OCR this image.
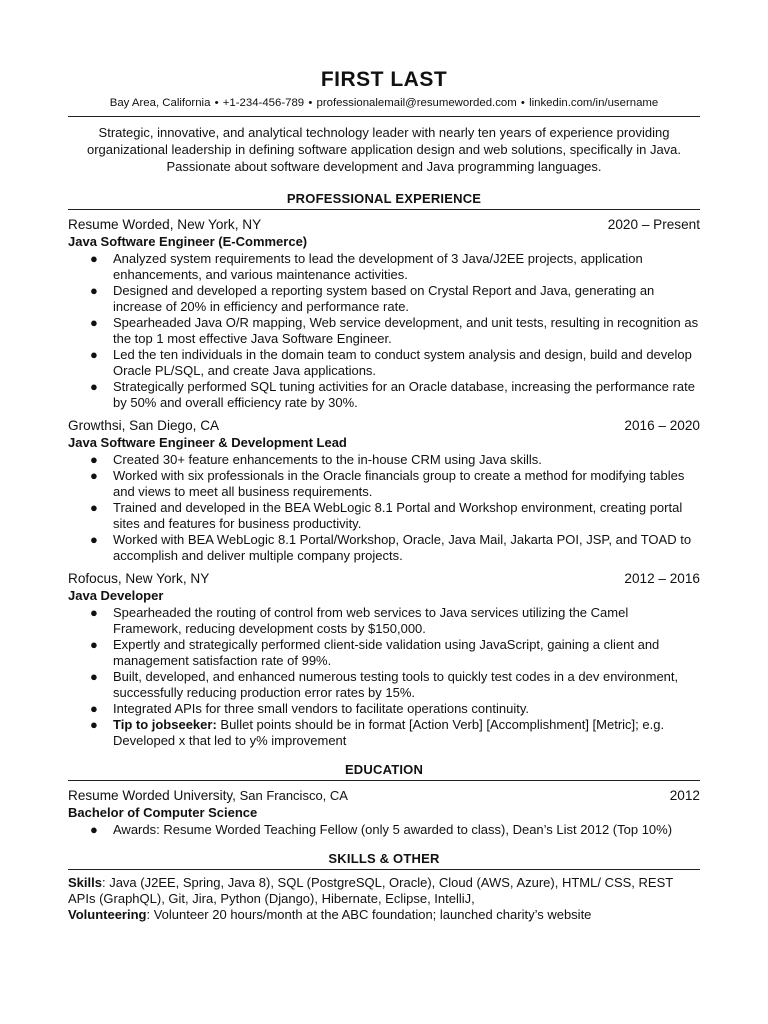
FIRST LAST
Bay Area, California • +1-234-456-789 • professionalemail@resumeworded.com • linkedin.com/in/username
Strategic, innovative, and analytical technology leader with nearly ten years of experience providing organizational leadership in defining software application design and web solutions, specifically in Java. Passionate about software development and Java programming languages.
PROFESSIONAL EXPERIENCE
Resume Worded, New York, NY	2020 – Present
Java Software Engineer (E-Commerce)
● Analyzed system requirements to lead the development of 3 Java/J2EE projects, application enhancements, and various maintenance activities.
● Designed and developed a reporting system based on Crystal Report and Java, generating an increase of 20% in efficiency and performance rate.
● Spearheaded Java O/R mapping, Web service development, and unit tests, resulting in recognition as the top 1 most effective Java Software Engineer.
● Led the ten individuals in the domain team to conduct system analysis and design, build and develop Oracle PL/SQL, and create Java applications.
● Strategically performed SQL tuning activities for an Oracle database, increasing the performance rate by 50% and overall efficiency rate by 30%.
Growthsi, San Diego, CA	2016 – 2020
Java Software Engineer & Development Lead
● Created 30+ feature enhancements to the in-house CRM using Java skills.
● Worked with six professionals in the Oracle financials group to create a method for modifying tables and views to meet all business requirements.
● Trained and developed in the BEA WebLogic 8.1 Portal and Workshop environment, creating portal sites and features for business productivity.
● Worked with BEA WebLogic 8.1 Portal/Workshop, Oracle, Java Mail, Jakarta POI, JSP, and TOAD to accomplish and deliver multiple company projects.
Rofocus, New York, NY	2012 – 2016
Java Developer
● Spearheaded the routing of control from web services to Java services utilizing the Camel Framework, reducing development costs by $150,000.
● Expertly and strategically performed client-side validation using JavaScript, gaining a client and management satisfaction rate of 99%.
● Built, developed, and enhanced numerous testing tools to quickly test codes in a dev environment, successfully reducing production error rates by 15%.
● Integrated APIs for three small vendors to facilitate operations continuity.
● Tip to jobseeker: Bullet points should be in format [Action Verb] [Accomplishment] [Metric]; e.g. Developed x that led to y% improvement
EDUCATION
Resume Worded University, San Francisco, CA	2012
Bachelor of Computer Science
● Awards: Resume Worded Teaching Fellow (only 5 awarded to class), Dean’s List 2012 (Top 10%)
SKILLS & OTHER
Skills: Java (J2EE, Spring, Java 8), SQL (PostgreSQL, Oracle), Cloud (AWS, Azure), HTML/ CSS, REST APIs (GraphQL), Git, Jira, Python (Django), Hibernate, Eclipse, IntelliJ,
Volunteering: Volunteer 20 hours/month at the ABC foundation; launched charity’s website
